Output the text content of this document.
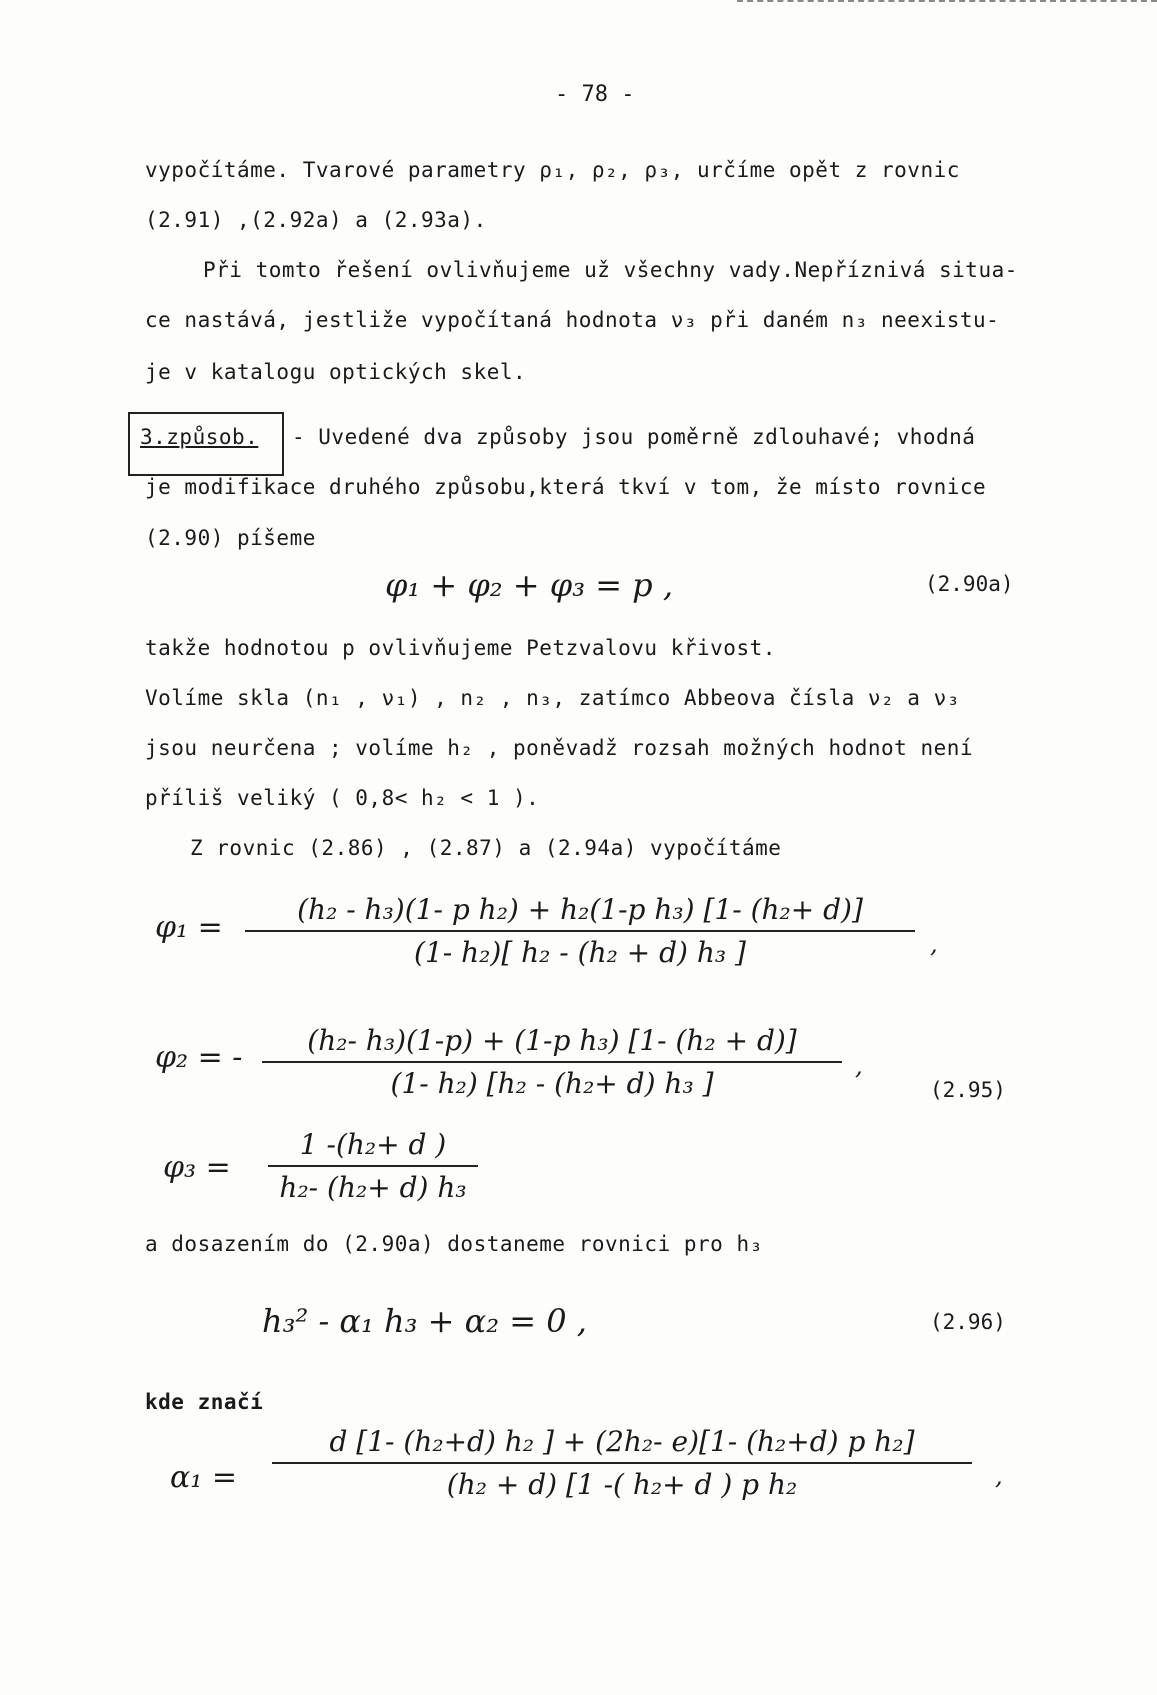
- 78 -
vypočítáme. Tvarové parametry ρ₁, ρ₂, ρ₃, určíme opět z rovnic
(2.91) ,(2.92a) a (2.93a).
Při tomto řešení ovlivňujeme už všechny vady.Nepříznivá situa-
ce nastává, jestliže vypočítaná hodnota ν₃ při daném n₃ neexistu-
je v katalogu optických skel.
3.způsob. - Uvedené dva způsoby jsou poměrně zdlouhavé; vhodná
je modifikace druhého způsobu,která tkví v tom, že místo rovnice
(2.90) píšeme
φ₁ + φ₂ + φ₃ = p ,	(2.90a)
takže hodnotou p ovlivňujeme Petzvalovu křivost.
Volíme skla (n₁ , ν₁) , n₂ , n₃, zatímco Abbeova čísla ν₂ a ν₃
jsou neurčena ; volíme h₂ , poněvadž rozsah možných hodnot není
příliš veliký ( 0,8< h₂ < 1 ).
Z rovnic (2.86) , (2.87) a (2.94a) vypočítáme
φ₁ =
(h₂ - h₃)(1- p h₂) + h₂(1-p h₃) [1- (h₂+ d)]
(1- h₂)[ h₂ - (h₂ + d) h₃ ]	,
φ₂ = - (h₂- h₃)(1-p) + (1-p h₃) [1- (h₂ + d)]
(1- h₂) [h₂ - (h₂+ d) h₃ ]
,
(2.95)
φ₃ =
1 -(h₂+ d )
h₂- (h₂+ d) h₃
a dosazením do (2.90a) dostaneme rovnici pro h₃
h₃² - α₁ h₃ + α₂ = 0 ,	(2.96)
kde značí
α₁ =
d [1- (h₂+d) h₂ ] + (2h₂- e)[1- (h₂+d) p h₂]
(h₂ + d) [1 -( h₂+ d ) p h₂	,
